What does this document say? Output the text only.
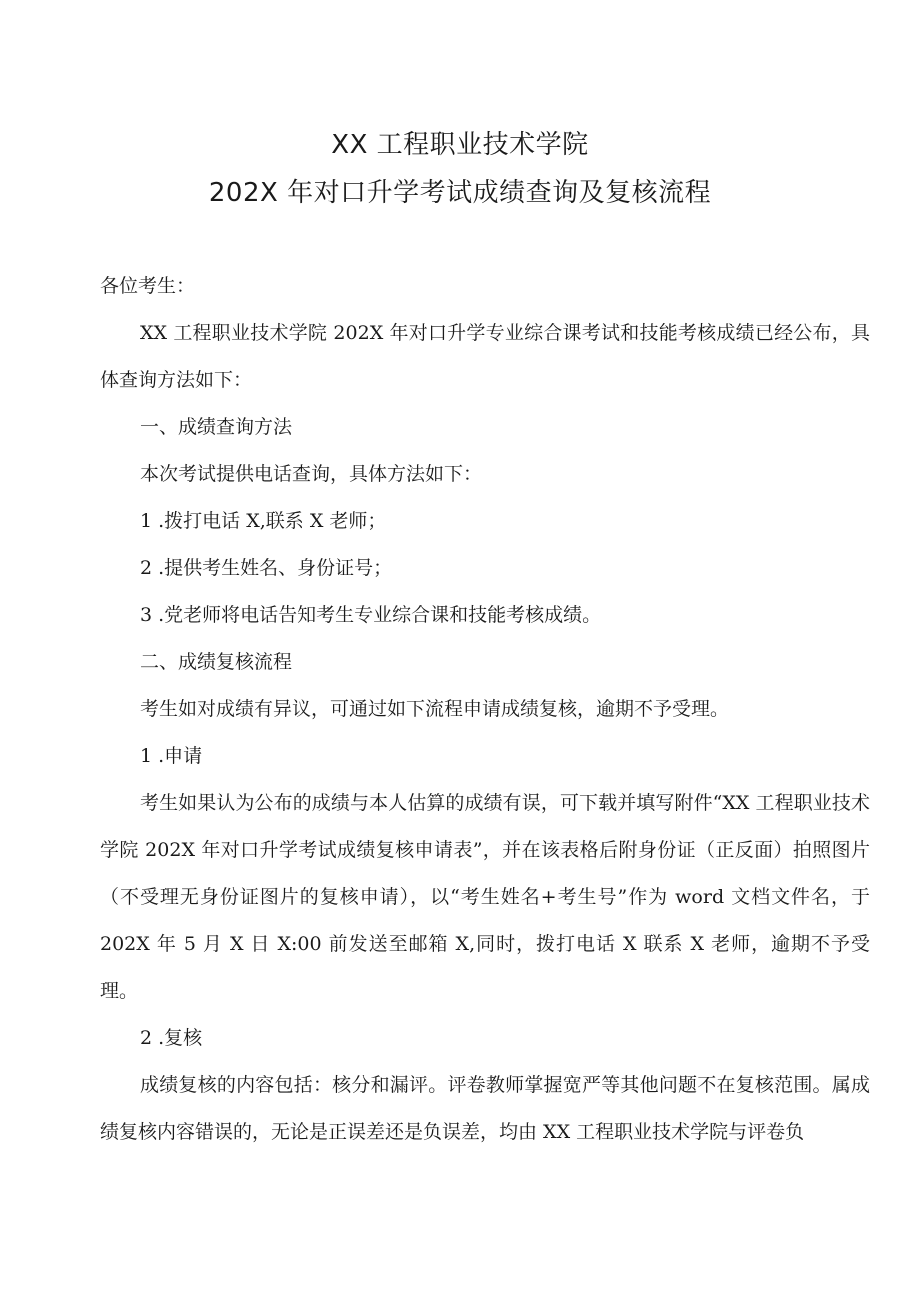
XX 工程职业技术学院
202X 年对口升学考试成绩查询及复核流程

各位考生：

XX 工程职业技术学院 202X 年对口升学专业综合课考试和技能考核成绩已经公布，具体查询方法如下：

一、成绩查询方法

本次考试提供电话查询，具体方法如下：

1 .拨打电话 X,联系 X 老师；

2 .提供考生姓名、身份证号；

3 .党老师将电话告知考生专业综合课和技能考核成绩。

二、成绩复核流程

考生如对成绩有异议，可通过如下流程申请成绩复核，逾期不予受理。

1 .申请

考生如果认为公布的成绩与本人估算的成绩有误，可下载并填写附件“XX 工程职业技术学院 202X 年对口升学考试成绩复核申请表”，并在该表格后附身份证（正反面）拍照图片（不受理无身份证图片的复核申请），以“考生姓名+考生号”作为 word 文档文件名，于 202X 年 5 月 X 日 X:00 前发送至邮箱 X,同时，拨打电话 X 联系 X 老师，逾期不予受理。

2 .复核

成绩复核的内容包括：核分和漏评。评卷教师掌握宽严等其他问题不在复核范围。属成绩复核内容错误的，无论是正误差还是负误差，均由 XX 工程职业技术学院与评卷负
